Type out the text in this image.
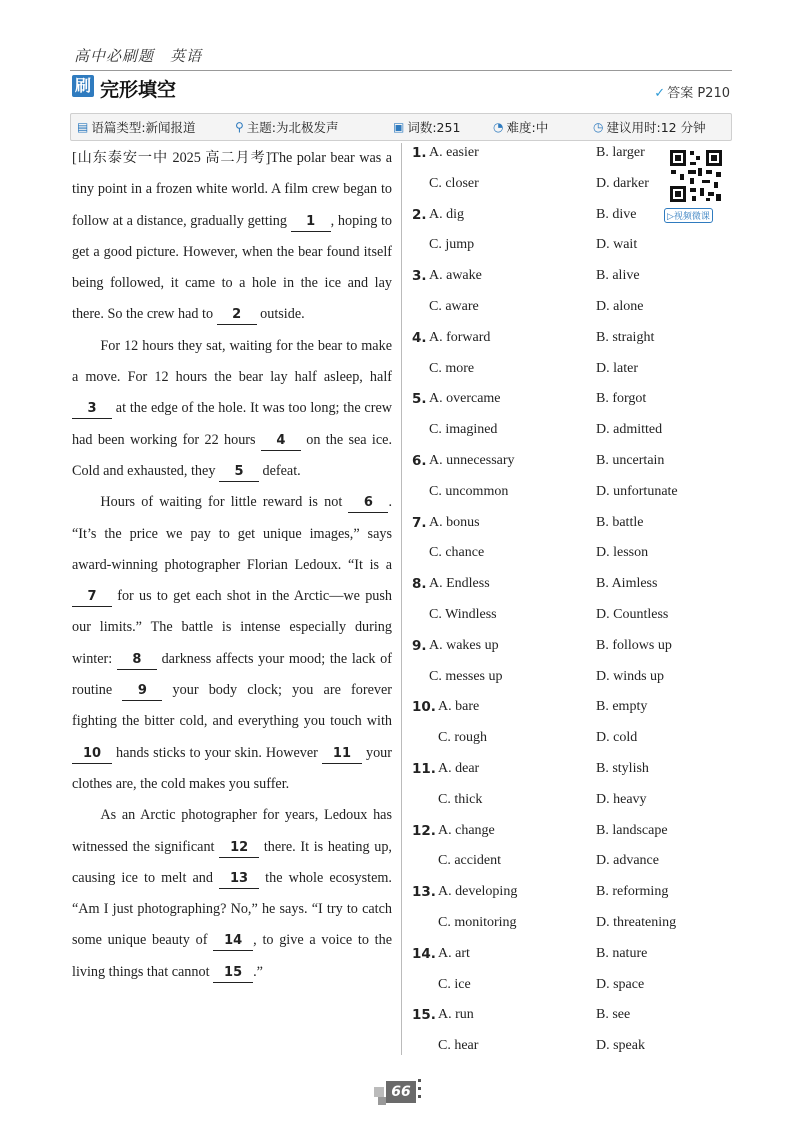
高中必刷题　英语
刷 完形填空	✓ 答案 P210
▤ 语篇类型:新闻报道	⚲ 主题:为北极发声	▣ 词数:251	◔ 难度:中	◷ 建议用时:12 分钟

[山东泰安一中 2025 高二月考]The polar bear was a tiny point in a frozen white world. A film crew began to follow at a distance, gradually getting 1 , hoping to get a good picture. However, when the bear found itself being followed, it came to a hole in the ice and lay there. So the crew had to 2 outside.

For 12 hours they sat, waiting for the bear to make a move. For 12 hours the bear lay half asleep, half 3 at the edge of the hole. It was too long; the crew had been working for 22 hours 4 on the sea ice. Cold and exhausted, they 5 defeat.

Hours of waiting for little reward is not 6 . “It’s the price we pay to get unique images,” says award-winning photographer Florian Ledoux. “It is a 7 for us to get each shot in the Arctic—we push our limits.” The battle is intense especially during winter: 8 darkness affects your mood; the lack of routine 9 your body clock; you are forever fighting the bitter cold, and everything you touch with 10 hands sticks to your skin. However 11 your clothes are, the cold makes you suffer.

As an Arctic photographer for years, Ledoux has witnessed the significant 12 there. It is heating up, causing ice to melt and 13 the whole ecosystem. “Am I just photographing? No,” he says. “I try to catch some unique beauty of 14 , to give a voice to the living things that cannot 15 .”

1. A. easier	B. larger
C. closer	D. darker
2. A. dig	B. dive
C. jump	D. wait
3. A. awake	B. alive
C. aware	D. alone
4. A. forward	B. straight
C. more	D. later
5. A. overcame	B. forgot
C. imagined	D. admitted
6. A. unnecessary	B. uncertain
C. uncommon	D. unfortunate
7. A. bonus	B. battle
C. chance	D. lesson
8. A. Endless	B. Aimless
C. Windless	D. Countless
9. A. wakes up	B. follows up
C. messes up	D. winds up
10. A. bare	B. empty
C. rough	D. cold
11. A. dear	B. stylish
C. thick	D. heavy
12. A. change	B. landscape
C. accident	D. advance
13. A. developing	B. reforming
C. monitoring	D. threatening
14. A. art	B. nature
C. ice	D. space
15. A. run	B. see
C. hear	D. speak
▷视频微课
66
